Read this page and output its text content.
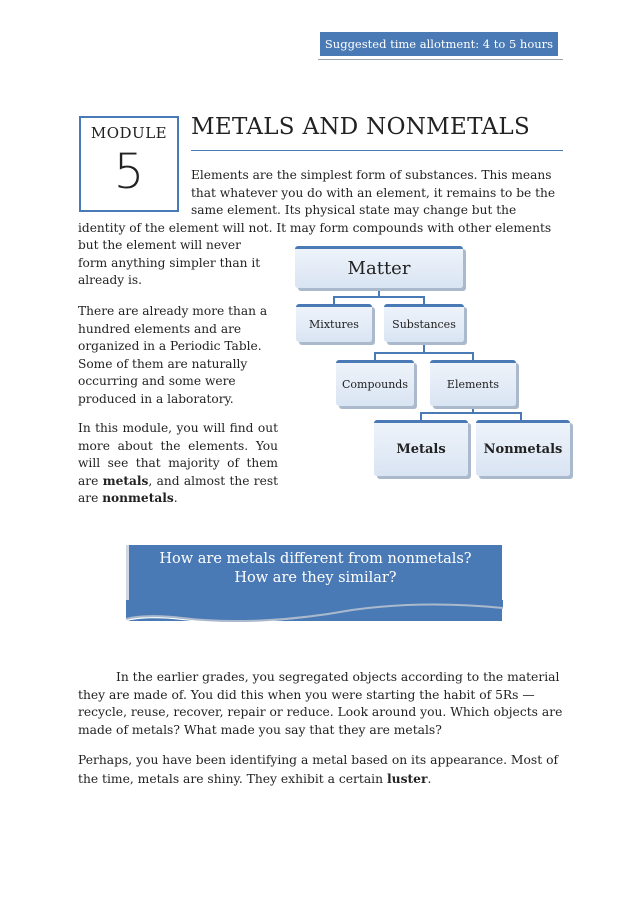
Suggested time allotment: 4 to 5 hours
MODULE
5
METALS AND NONMETALS

Elements are the simplest form of substances. This means that whatever you do with an element, it remains to be the same element. Its physical state may change but the

identity of the element will not. It may form compounds with other elements

but the element will never form anything simpler than it already is.

There are already more than a hundred elements and are organized in a Periodic Table. Some of them are naturally occurring and some were produced in a laboratory.

In this module, you will find out more about the elements. You will see that majority of them are metals, and almost the rest are nonmetals.

Matter
Mixtures	Substances
Compounds	Elements
Metals	Nonmetals
How are metals different from nonmetals?
How are they similar?

In the earlier grades, you segregated objects according to the material they are made of. You did this when you were starting the habit of 5Rs — recycle, reuse, recover, repair or reduce. Look around you. Which objects are made of metals? What made you say that they are metals?

Perhaps, you have been identifying a metal based on its appearance. Most of the time, metals are shiny. They exhibit a certain luster.
